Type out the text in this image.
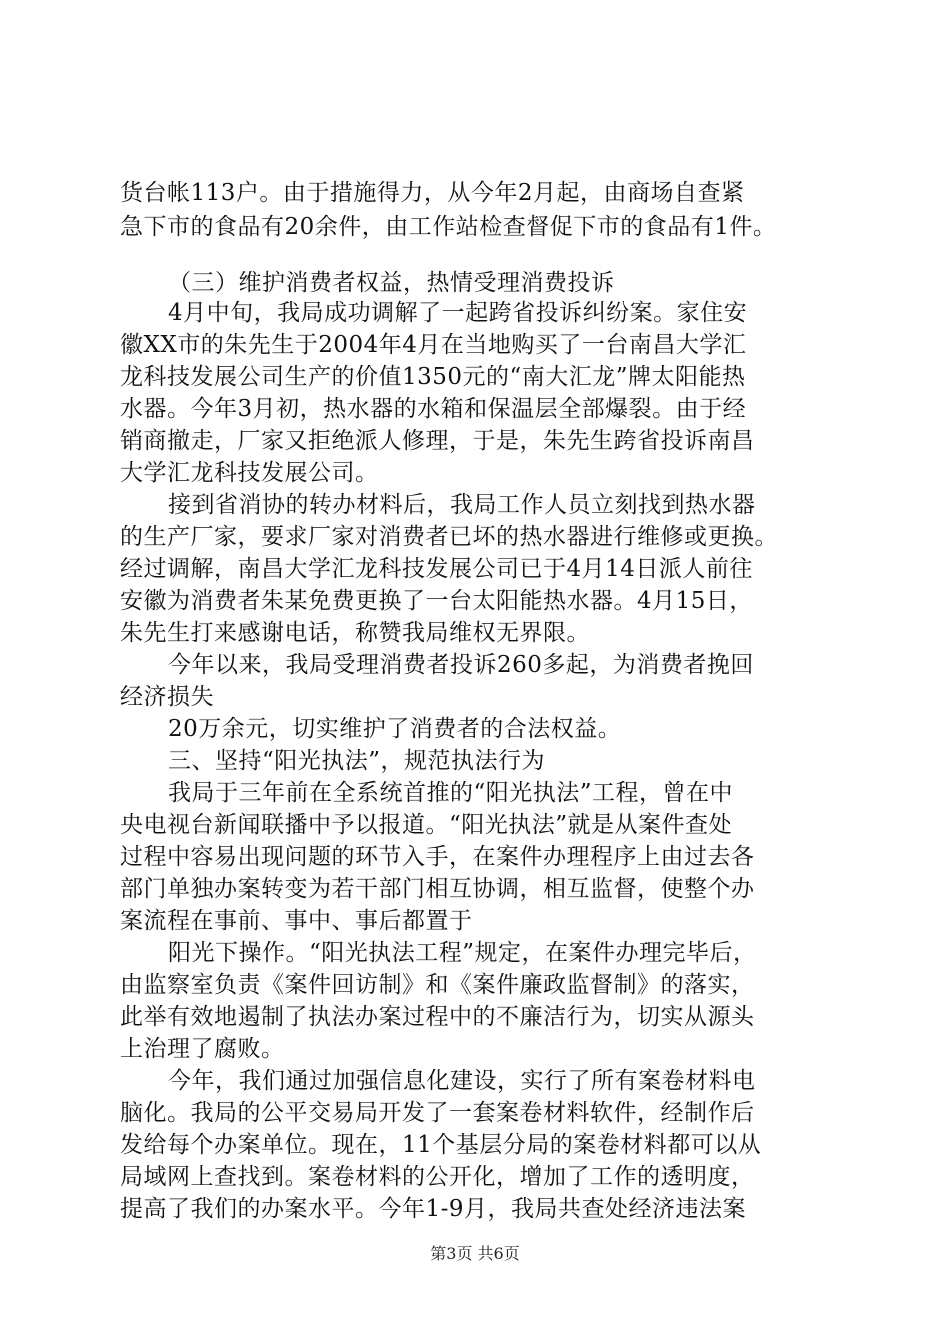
货台帐113户。由于措施得力，从今年2月起，由商场自查紧
急下市的食品有20余件，由工作站检查督促下市的食品有1件。
（三）维护消费者权益，热情受理消费投诉
4月中旬，我局成功调解了一起跨省投诉纠纷案。家住安
徽XX市的朱先生于2004年4月在当地购买了一台南昌大学汇
龙科技发展公司生产的价值1350元的“南大汇龙”牌太阳能热
水器。今年3月初，热水器的水箱和保温层全部爆裂。由于经
销商撤走，厂家又拒绝派人修理，于是，朱先生跨省投诉南昌
大学汇龙科技发展公司。
接到省消协的转办材料后，我局工作人员立刻找到热水器
的生产厂家，要求厂家对消费者已坏的热水器进行维修或更换。
经过调解，南昌大学汇龙科技发展公司已于4月14日派人前往
安徽为消费者朱某免费更换了一台太阳能热水器。4月15日，
朱先生打来感谢电话，称赞我局维权无界限。
今年以来，我局受理消费者投诉260多起，为消费者挽回
经济损失
20万余元，切实维护了消费者的合法权益。
三、坚持“阳光执法”，规范执法行为
我局于三年前在全系统首推的“阳光执法”工程，曾在中
央电视台新闻联播中予以报道。“阳光执法”就是从案件查处
过程中容易出现问题的环节入手，在案件办理程序上由过去各
部门单独办案转变为若干部门相互协调，相互监督，使整个办
案流程在事前、事中、事后都置于
阳光下操作。“阳光执法工程”规定，在案件办理完毕后，
由监察室负责《案件回访制》和《案件廉政监督制》的落实，
此举有效地遏制了执法办案过程中的不廉洁行为，切实从源头
上治理了腐败。
今年，我们通过加强信息化建设，实行了所有案卷材料电
脑化。我局的公平交易局开发了一套案卷材料软件，经制作后
发给每个办案单位。现在，11个基层分局的案卷材料都可以从
局域网上查找到。案卷材料的公开化，增加了工作的透明度，
提高了我们的办案水平。今年1-9月，我局共查处经济违法案
第3页 共6页
